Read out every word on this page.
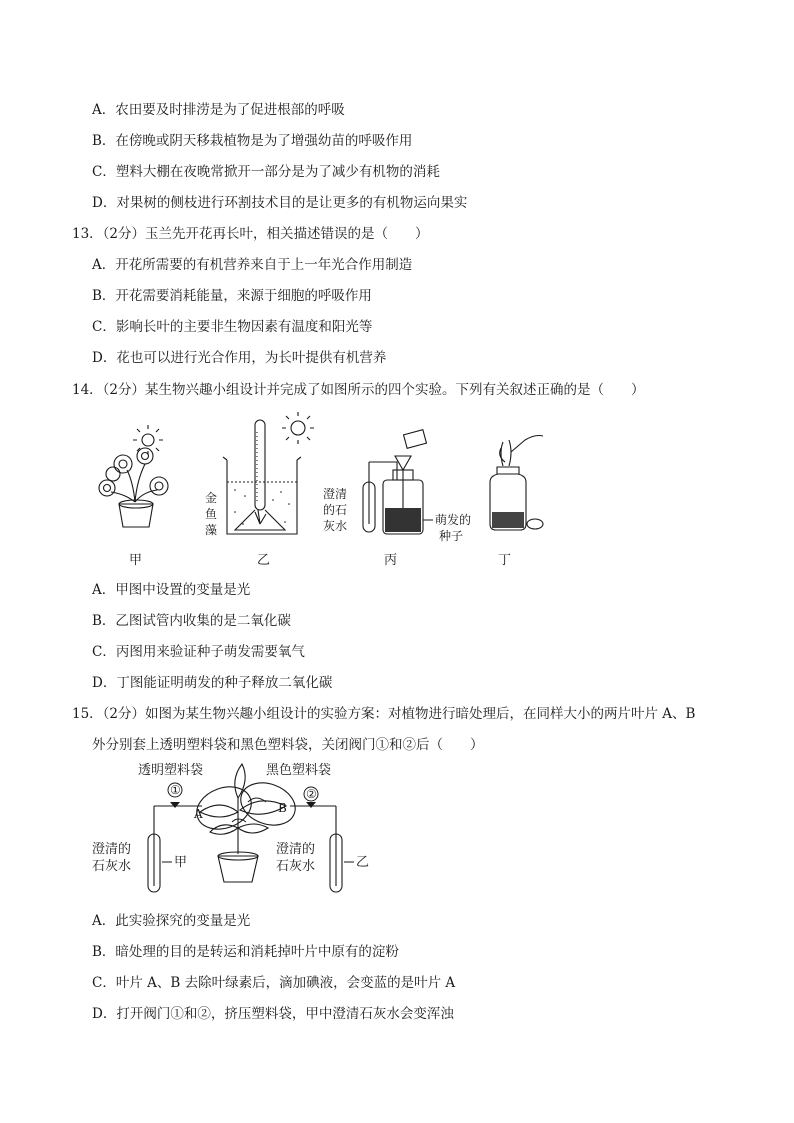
A．农田要及时排涝是为了促进根部的呼吸
B．在傍晚或阴天移栽植物是为了增强幼苗的呼吸作用
C．塑料大棚在夜晚常掀开一部分是为了减少有机物的消耗
D．对果树的侧枝进行环割技术目的是让更多的有机物运向果实
13．（2分）玉兰先开花再长叶，相关描述错误的是（　　）
A．开花所需要的有机营养来自于上一年光合作用制造
B．开花需要消耗能量，来源于细胞的呼吸作用
C．影响长叶的主要非生物因素有温度和阳光等
D．花也可以进行光合作用，为长叶提供有机营养
14．（2分）某生物兴趣小组设计并完成了如图所示的四个实验。下列有关叙述正确的是（　　）
甲
金
鱼
藻
乙
澄清
的石
灰水	萌发的
种子
丙	丁
A．甲图中设置的变量是光
B．乙图试管内收集的是二氧化碳
C．丙图用来验证种子萌发需要氧气
D．丁图能证明萌发的种子释放二氧化碳
15．（2分）如图为某生物兴趣小组设计的实验方案：对植物进行暗处理后，在同样大小的两片叶片 A、B
外分别套上透明塑料袋和黑色塑料袋，关闭阀门①和②后（　　）
①	②
透明塑料袋	黑色塑料袋
A	B
澄清的
石灰水
澄清的
石灰水
甲	乙
A．此实验探究的变量是光
B．暗处理的目的是转运和消耗掉叶片中原有的淀粉
C．叶片 A、B 去除叶绿素后，滴加碘液，会变蓝的是叶片 A
D．打开阀门①和②，挤压塑料袋，甲中澄清石灰水会变浑浊
